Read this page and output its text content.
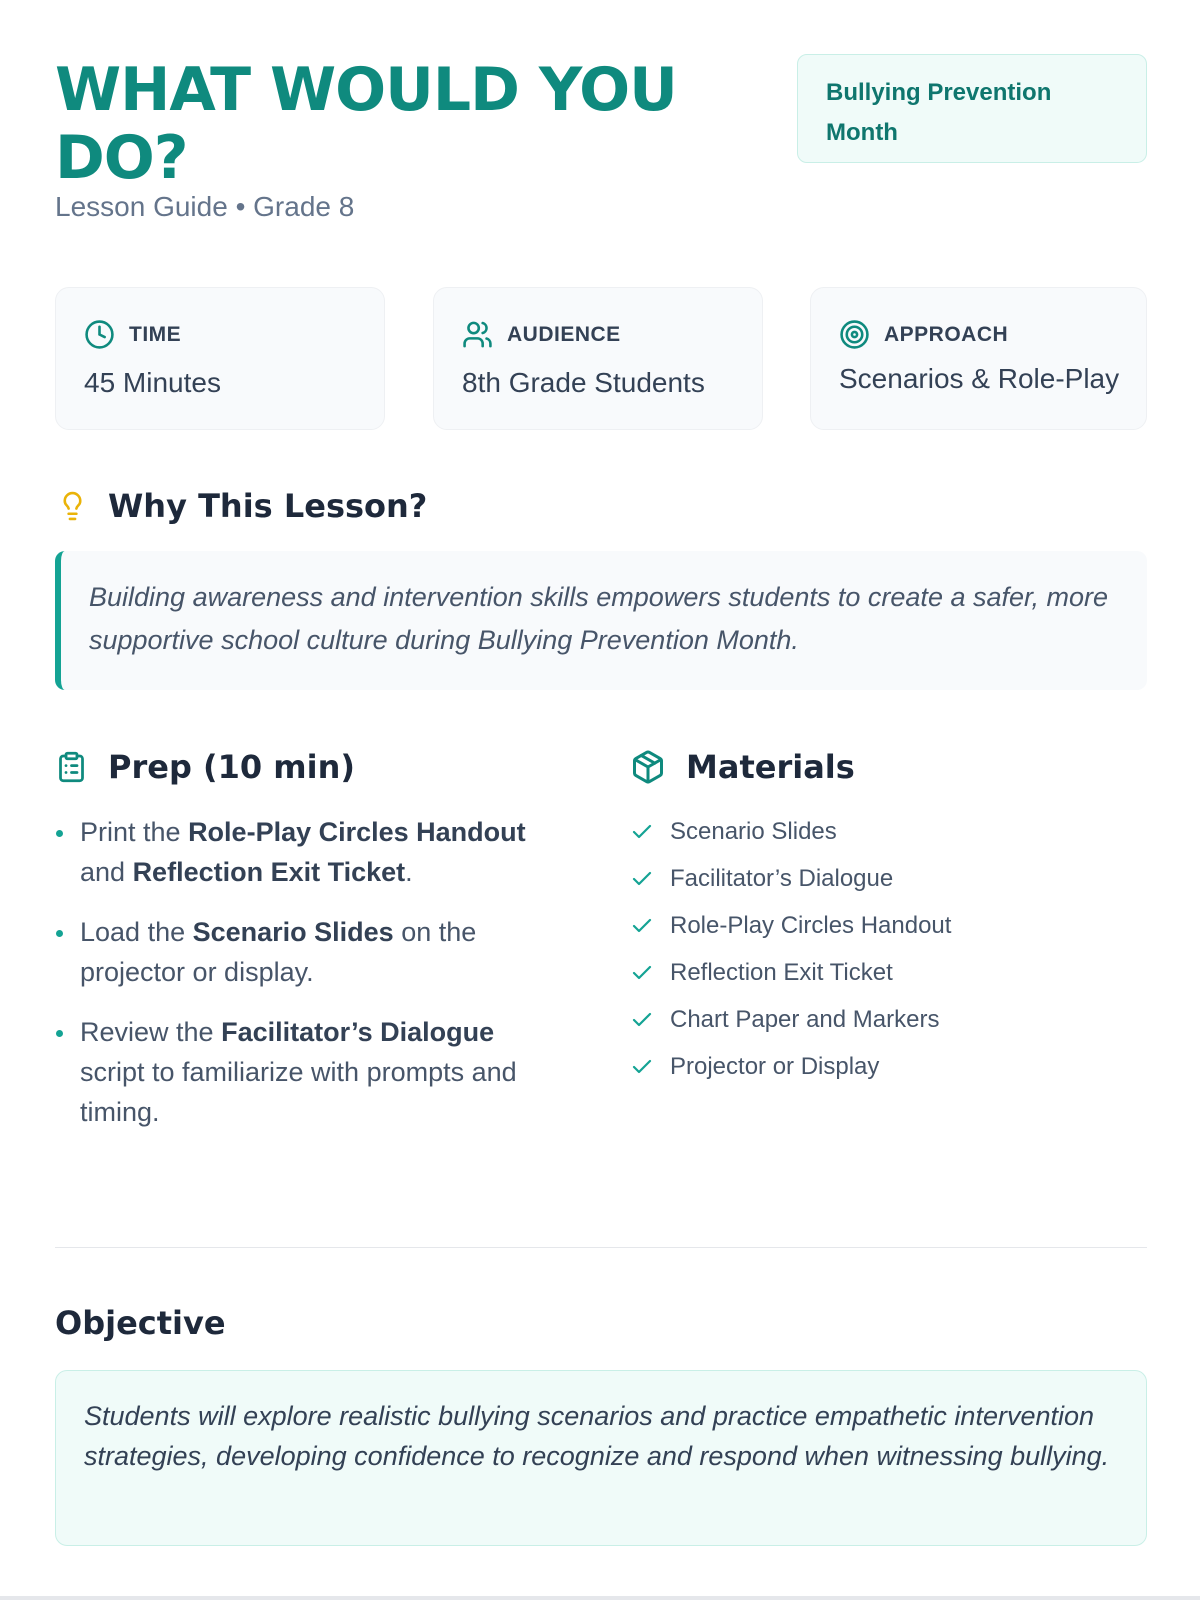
WHAT WOULD YOU DO?
Lesson Guide • Grade 8
Bullying Prevention Month
TIME
45 Minutes
AUDIENCE
8th Grade Students
APPROACH
Scenarios & Role-Play
Why This Lesson?
Building awareness and intervention skills empowers students to create a safer, more supportive school culture during Bullying Prevention Month.
Prep (10 min)
Print the Role-Play Circles Handout and Reflection Exit Ticket.
Load the Scenario Slides on the projector or display.
Review the Facilitator’s Dialogue script to familiarize with prompts and timing.
Materials
Scenario Slides
Facilitator’s Dialogue
Role-Play Circles Handout
Reflection Exit Ticket
Chart Paper and Markers
Projector or Display
Objective
Students will explore realistic bullying scenarios and practice empathetic intervention strategies, developing confidence to recognize and respond when witnessing bullying.
